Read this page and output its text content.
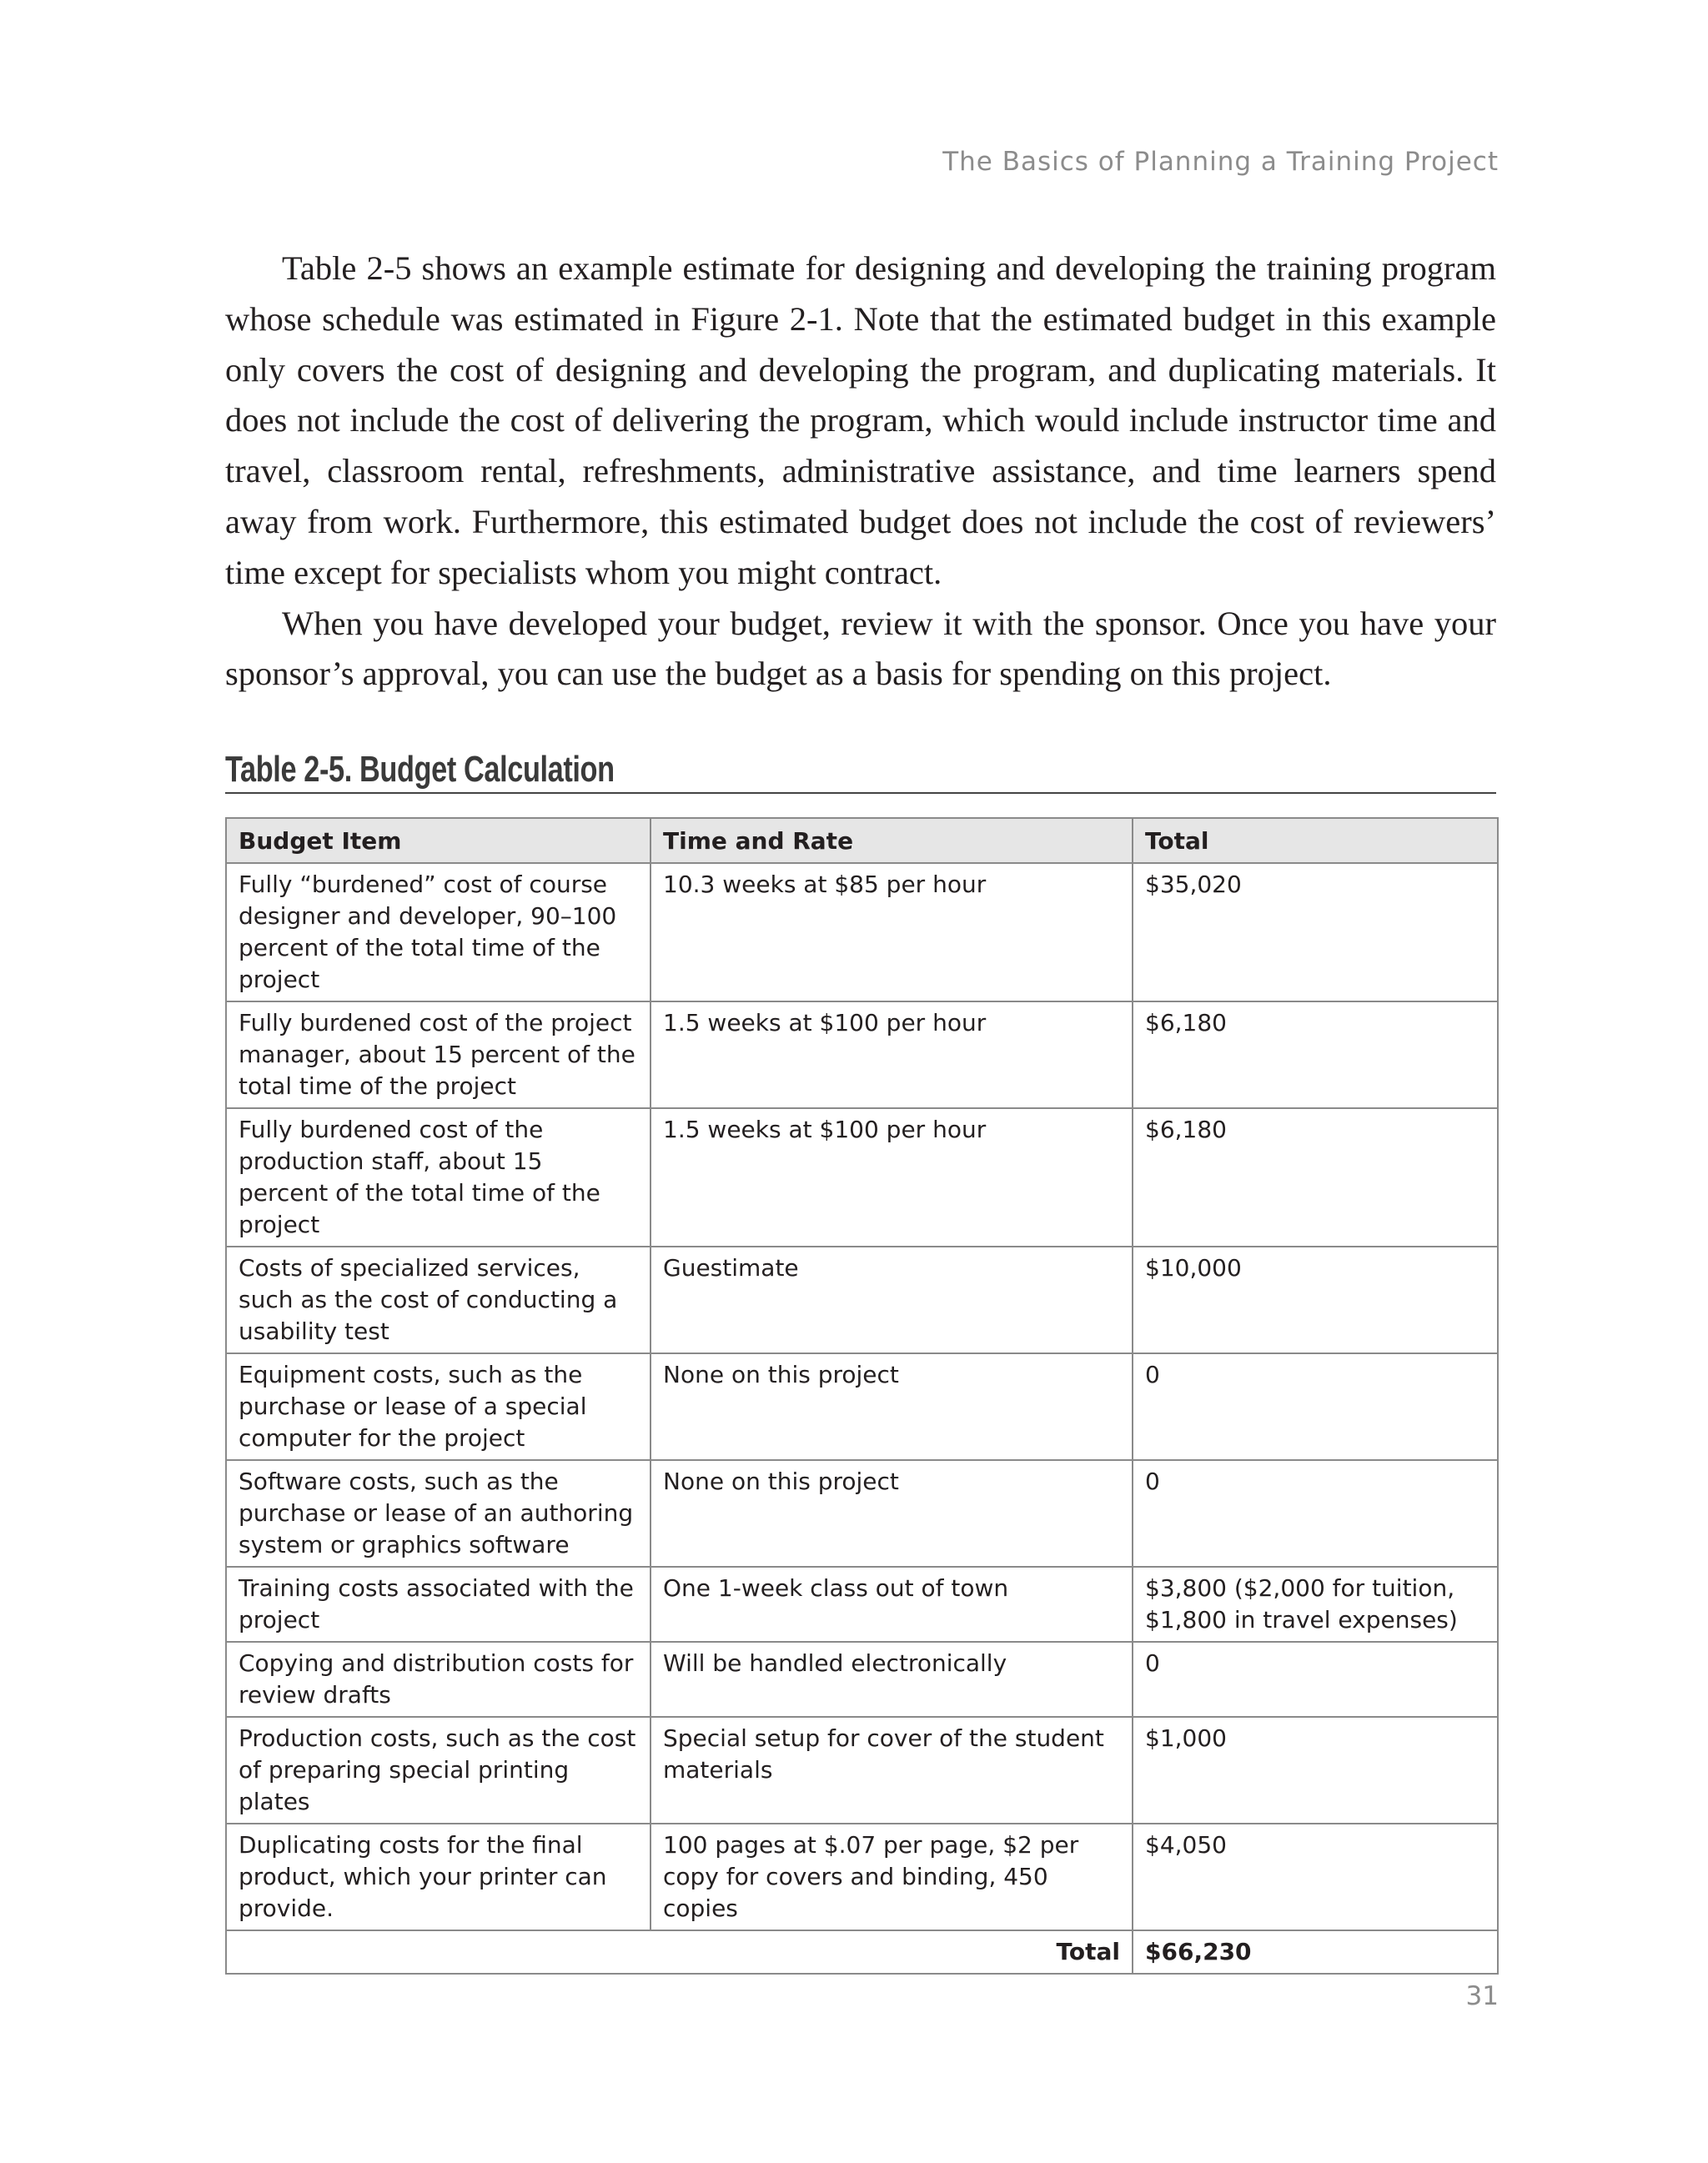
The Basics of Planning a Training Project

Table 2-5 shows an example estimate for designing and developing the training program whose schedule was estimated in Figure 2-1. Note that the estimated budget in this example only covers the cost of designing and developing the program, and duplicating materials. It does not include the cost of delivering the program, which would include instructor time and travel, classroom rental, refreshments, administrative assistance, and time learners spend away from work. Furthermore, this estimated budget does not include the cost of reviewers’ time except for specialists whom you might contract.

When you have developed your budget, review it with the sponsor. Once you have your sponsor’s approval, you can use the budget as a basis for spending on this project.

Table 2-5. Budget Calculation
Budget Item	Time and Rate	Total
Fully “burdened” cost of course designer and developer, 90–100 percent of the total time of the project	10.3 weeks at $85 per hour	$35,020
Fully burdened cost of the project manager, about 15 percent of the total time of the project	1.5 weeks at $100 per hour	$6,180
Fully burdened cost of the production staff, about 15 percent of the total time of the project	1.5 weeks at $100 per hour	$6,180
Costs of specialized services, such as the cost of conducting a usability test	Guestimate	$10,000
Equipment costs, such as the purchase or lease of a special computer for the project	None on this project	0
Software costs, such as the purchase or lease of an authoring system or graphics software	None on this project	0
Training costs associated with the project	One 1-week class out of town	$3,800 ($2,000 for tuition, $1,800 in travel expenses)
Copying and distribution costs for review drafts	Will be handled electronically	0
Production costs, such as the cost of preparing special printing plates	Special setup for cover of the student materials	$1,000
Duplicating costs for the final product, which your printer can provide.	100 pages at $.07 per page, $2 per copy for covers and binding, 450 copies	$4,050
Total		$66,230
31
